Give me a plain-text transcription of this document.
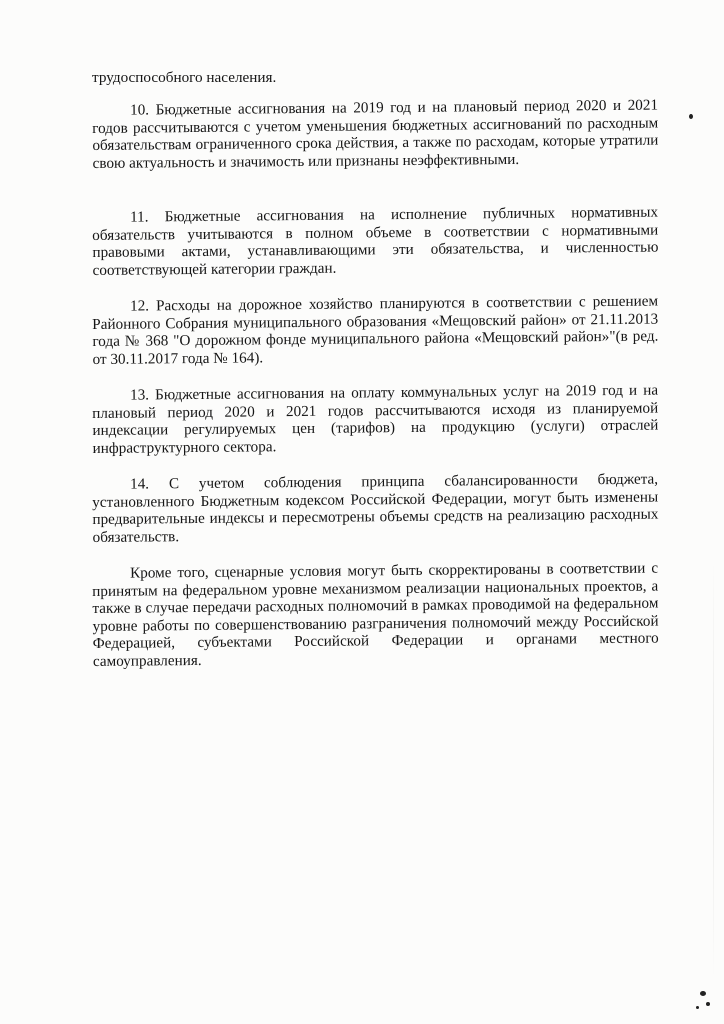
трудоспособного населения.

10. Бюджетные ассигнования на 2019 год и на плановый период 2020 и 2021 годов рассчитываются с учетом уменьшения бюджетных ассигнований по расходным обязательствам ограниченного срока действия, а также по расходам, которые утратили свою актуальность и значимость или признаны неэффективными.

11. Бюджетные ассигнования на исполнение публичных нормативных обязательств учитываются в полном объеме в соответствии с нормативными правовыми актами, устанавливающими эти обязательства, и численностью соответствующей категории граждан.

12. Расходы на дорожное хозяйство планируются в соответствии с решением Районного Собрания муниципального образования «Мещовский район» от 21.11.2013 года № 368 "О дорожном фонде муниципального района «Мещовский район»"(в ред. от 30.11.2017 года № 164).

13. Бюджетные ассигнования на оплату коммунальных услуг на 2019 год и на плановый период 2020 и 2021 годов рассчитываются исходя из планируемой индексации регулируемых цен (тарифов) на продукцию (услуги) отраслей инфраструктурного сектора.

14. С учетом соблюдения принципа сбалансированности бюджета, установленного Бюджетным кодексом Российской Федерации, могут быть изменены предварительные индексы и пересмотрены объемы средств на реализацию расходных обязательств.

Кроме того, сценарные условия могут быть скорректированы в соответствии с принятым на федеральном уровне механизмом реализации национальных проектов, а также в случае передачи расходных полномочий в рамках проводимой на федеральном уровне работы по совершенствованию разграничения полномочий между Российской Федерацией, субъектами Российской Федерации и органами местного самоуправления.
